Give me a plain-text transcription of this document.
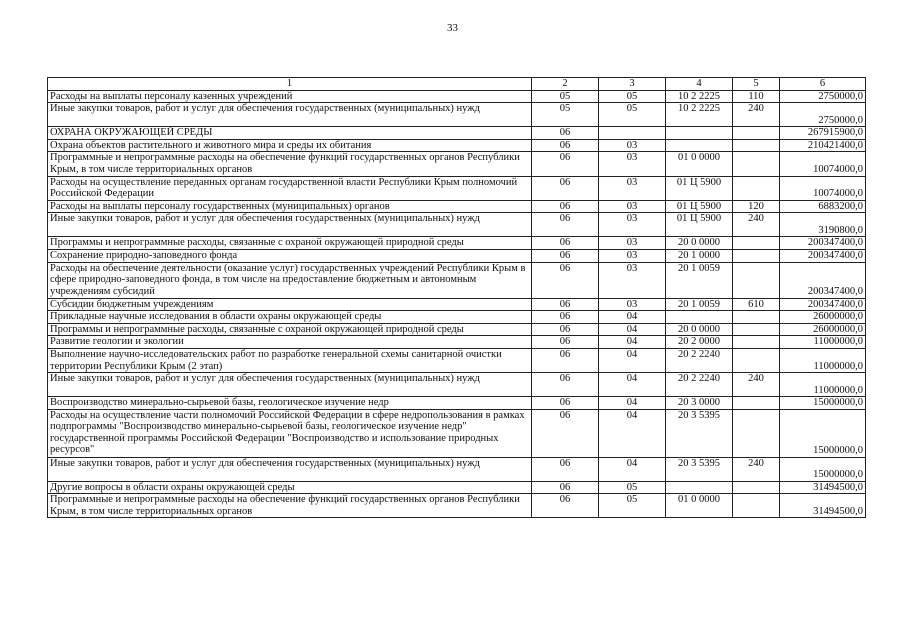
33
1	2	3	4	5	6
Расходы на выплаты персоналу казенных учреждений	05	05	10 2 2225	110	2750000,0
Иные закупки товаров, работ и услуг для обеспечения государственных (муниципальных) нужд	05	05	10 2 2225	240	2750000,0
ОХРАНА ОКРУЖАЮЩЕЙ СРЕДЫ	06				267915900,0
Охрана объектов растительного и животного мира и среды их обитания	06	03			210421400,0
Программные и непрограммные расходы на обеспечение функций государственных органов Республики Крым, в том числе территориальных органов	06	03	01 0 0000		10074000,0
Расходы на осуществление переданных органам государственной власти Республики Крым полномочий Российской Федерации	06	03	01 Ц 5900		10074000,0
Расходы на выплаты персоналу государственных (муниципальных) органов	06	03	01 Ц 5900	120	6883200,0
Иные закупки товаров, работ и услуг для обеспечения государственных (муниципальных) нужд	06	03	01 Ц 5900	240	3190800,0
Программы и непрограммные расходы, связанные с охраной окружающей природной среды	06	03	20 0 0000		200347400,0
Сохранение природно-заповедного фонда	06	03	20 1 0000		200347400,0
Расходы на обеспечение деятельности (оказание услуг) государственных учреждений Республики Крым в сфере природно-заповедного фонда, в том числе на предоставление бюджетным и автономным учреждениям субсидий	06	03	20 1 0059		200347400,0
Субсидии бюджетным учреждениям	06	03	20 1 0059	610	200347400,0
Прикладные научные исследования в области охраны окружающей среды	06	04			26000000,0
Программы и непрограммные расходы, связанные с охраной окружающей природной среды	06	04	20 0 0000		26000000,0
Развитие геологии и экологии	06	04	20 2 0000		11000000,0
Выполнение научно-исследовательских работ по разработке генеральной схемы санитарной очистки территории Республики Крым (2 этап)	06	04	20 2 2240		11000000,0
Иные закупки товаров, работ и услуг для обеспечения государственных (муниципальных) нужд	06	04	20 2 2240	240	11000000,0
Воспроизводство минерально-сырьевой базы, геологическое изучение недр	06	04	20 3 0000		15000000,0
Расходы на осуществление части полномочий Российской Федерации в сфере недропользования в рамках подпрограммы "Воспроизводство минерально-сырьевой базы, геологическое изучение недр" государственной программы Российской Федерации "Воспроизводство и использование природных ресурсов"	06	04	20 3 5395		15000000,0
Иные закупки товаров, работ и услуг для обеспечения государственных (муниципальных) нужд	06	04	20 3 5395	240	15000000,0
Другие вопросы в области охраны окружающей среды	06	05			31494500,0
Программные и непрограммные расходы на обеспечение функций государственных органов Республики Крым, в том числе территориальных органов	06	05	01 0 0000		31494500,0
